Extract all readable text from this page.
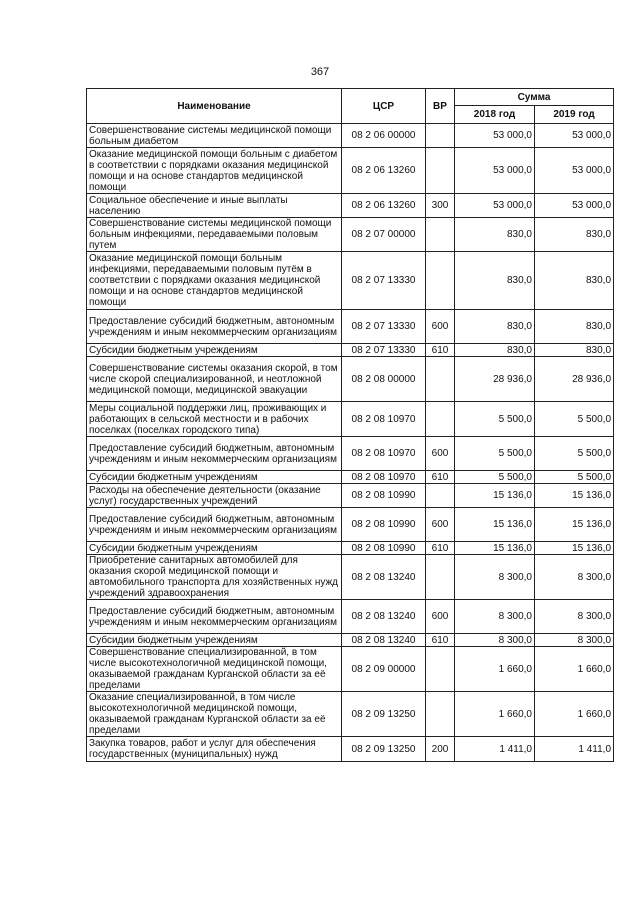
367
Наименование	ЦСР	ВР	Сумма	
			2018 год	2019 год
Совершенствование системы медицинской помощи больным диабетом	08 2 06 00000		53 000,0	53 000,0
Оказание медицинской помощи больным с диабетом в соответствии с порядками оказания медицинской помощи и на основе стандартов медицинской помощи	08 2 06 13260		53 000,0	53 000,0
Социальное обеспечение и иные выплаты населению	08 2 06 13260	300	53 000,0	53 000,0
Совершенствование системы медицинской помощи больным инфекциями, передаваемыми половым путем	08 2 07 00000		830,0	830,0
Оказание медицинской помощи больным инфекциями, передаваемыми половым путём в соответствии с порядками оказания медицинской помощи и на основе стандартов медицинской помощи	08 2 07 13330		830,0	830,0
Предоставление субсидий бюджетным, автономным учреждениям и иным некоммерческим организациям	08 2 07 13330	600	830,0	830,0
Субсидии бюджетным учреждениям	08 2 07 13330	610	830,0	830,0
Совершенствование системы оказания скорой, в том числе скорой специализированной, и неотложной медицинской помощи, медицинской эвакуации	08 2 08 00000		28 936,0	28 936,0
Меры социальной поддержки лиц, проживающих и работающих в сельской местности и в рабочих поселках (поселках городского типа)	08 2 08 10970		5 500,0	5 500,0
Предоставление субсидий бюджетным, автономным учреждениям и иным некоммерческим организациям	08 2 08 10970	600	5 500,0	5 500,0
Субсидии бюджетным учреждениям	08 2 08 10970	610	5 500,0	5 500,0
Расходы на обеспечение деятельности (оказание услуг) государственных учреждений	08 2 08 10990		15 136,0	15 136,0
Предоставление субсидий бюджетным, автономным учреждениям и иным некоммерческим организациям	08 2 08 10990	600	15 136,0	15 136,0
Субсидии бюджетным учреждениям	08 2 08 10990	610	15 136,0	15 136,0
Приобретение санитарных автомобилей для оказания скорой медицинской помощи и автомобильного транспорта для хозяйственных нужд учреждений здравоохранения	08 2 08 13240		8 300,0	8 300,0
Предоставление субсидий бюджетным, автономным учреждениям и иным некоммерческим организациям	08 2 08 13240	600	8 300,0	8 300,0
Субсидии бюджетным учреждениям	08 2 08 13240	610	8 300,0	8 300,0
Совершенствование специализированной, в том числе высокотехнологичной медицинской помощи, оказываемой гражданам Курганской области за её пределами	08 2 09 00000		1 660,0	1 660,0
Оказание специализированной, в том числе высокотехнологичной медицинской помощи, оказываемой гражданам Курганской области за её пределами	08 2 09 13250		1 660,0	1 660,0
Закупка товаров, работ и услуг для обеспечения государственных (муниципальных) нужд	08 2 09 13250	200	1 411,0	1 411,0
